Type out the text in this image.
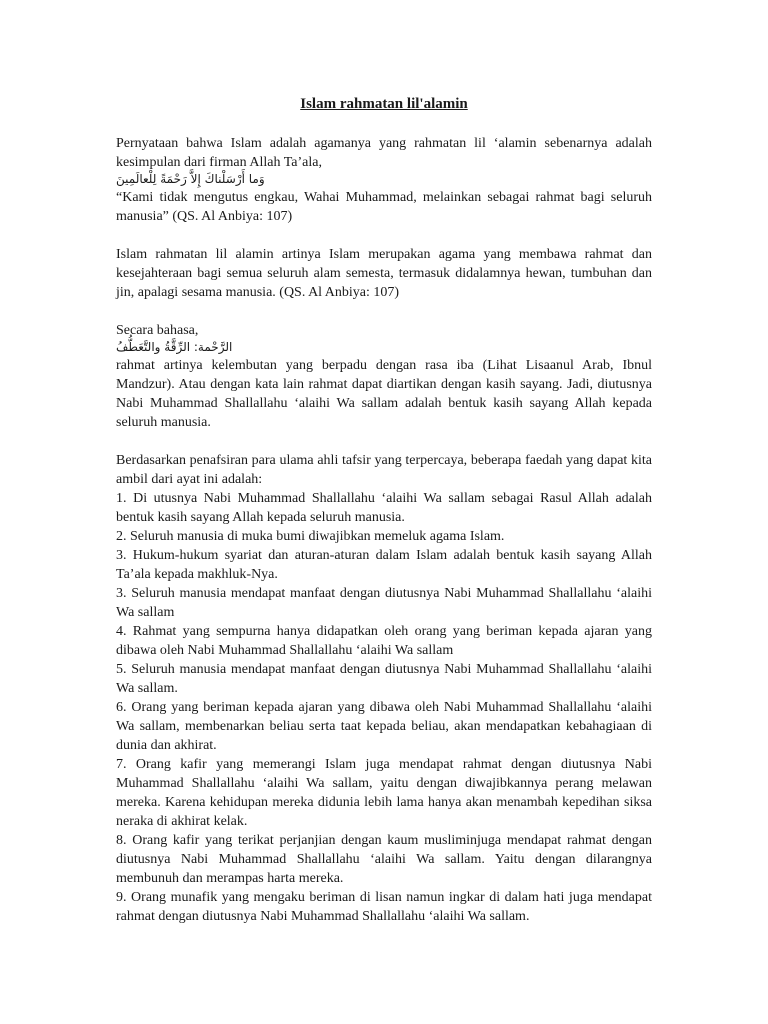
Islam rahmatan lil'alamin

Pernyataan bahwa Islam adalah agamanya yang rahmatan lil ‘alamin sebenarnya adalah kesimpulan dari firman Allah Ta’ala,

وَما أَرْسَلْناكَ إِلاَّ رَحْمَةً لِلْعالَمِينَ

“Kami tidak mengutus engkau, Wahai Muhammad, melainkan sebagai rahmat bagi seluruh manusia” (QS. Al Anbiya: 107)

Islam rahmatan lil alamin artinya Islam merupakan agama yang membawa rahmat dan kesejahteraan bagi semua seluruh alam semesta, termasuk didalamnya hewan, tumbuhan dan jin, apalagi sesama manusia. (QS. Al Anbiya: 107)

Secara bahasa,

الرَّحْمة: الرِّقَّةُ والتَّعَطُّفُ

rahmat artinya kelembutan yang berpadu dengan rasa iba (Lihat Lisaanul Arab, Ibnul Mandzur). Atau dengan kata lain rahmat dapat diartikan dengan kasih sayang. Jadi, diutusnya Nabi Muhammad Shallallahu ‘alaihi Wa sallam adalah bentuk kasih sayang Allah kepada seluruh manusia.

Berdasarkan penafsiran para ulama ahli tafsir yang terpercaya, beberapa faedah yang dapat kita ambil dari ayat ini adalah:

1. Di utusnya Nabi Muhammad Shallallahu ‘alaihi Wa sallam sebagai Rasul Allah adalah bentuk kasih sayang Allah kepada seluruh manusia.

2. Seluruh manusia di muka bumi diwajibkan memeluk agama Islam.

3. Hukum-hukum syariat dan aturan-aturan dalam Islam adalah bentuk kasih sayang Allah Ta’ala kepada makhluk-Nya.

3. Seluruh manusia mendapat manfaat dengan diutusnya Nabi Muhammad Shallallahu ‘alaihi Wa sallam

4. Rahmat yang sempurna hanya didapatkan oleh orang yang beriman kepada ajaran yang dibawa oleh Nabi Muhammad Shallallahu ‘alaihi Wa sallam

5. Seluruh manusia mendapat manfaat dengan diutusnya Nabi Muhammad Shallallahu ‘alaihi Wa sallam.

6. Orang yang beriman kepada ajaran yang dibawa oleh Nabi Muhammad Shallallahu ‘alaihi Wa sallam, membenarkan beliau serta taat kepada beliau, akan mendapatkan kebahagiaan di dunia dan akhirat.

7. Orang kafir yang memerangi Islam juga mendapat rahmat dengan diutusnya Nabi Muhammad Shallallahu ‘alaihi Wa sallam, yaitu dengan diwajibkannya perang melawan mereka. Karena kehidupan mereka didunia lebih lama hanya akan menambah kepedihan siksa neraka di akhirat kelak.

8. Orang kafir yang terikat perjanjian dengan kaum musliminjuga mendapat rahmat dengan diutusnya Nabi Muhammad Shallallahu ‘alaihi Wa sallam. Yaitu dengan dilarangnya membunuh dan merampas harta mereka.

9. Orang munafik yang mengaku beriman di lisan namun ingkar di dalam hati juga mendapat rahmat dengan diutusnya Nabi Muhammad Shallallahu ‘alaihi Wa sallam.
